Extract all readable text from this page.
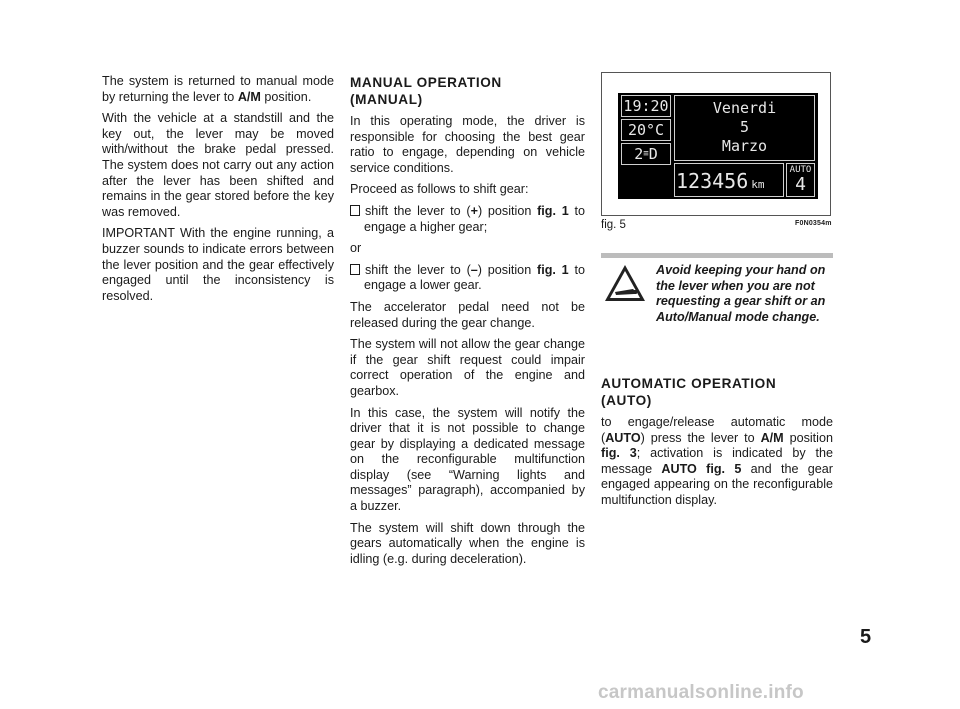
The system is returned to manual mode by returning the lever to A/M position.

With the vehicle at a standstill and the key out, the lever may be moved with/without the brake pedal pressed. The system does not carry out any action after the lever has been shifted and remains in the gear stored before the key was removed.

IMPORTANT With the engine running, a buzzer sounds to indicate errors between the lever position and the gear effectively engaged until the inconsistency is resolved.

MANUAL OPERATION
(MANUAL)

In this operating mode, the driver is responsible for choosing the best gear ratio to engage, depending on vehicle service conditions.

Proceed as follows to shift gear:

shift the lever to (+) position fig. 1 to engage a higher gear;

or

shift the lever to (–) position fig. 1 to engage a lower gear.

The accelerator pedal need not be released during the gear change.

The system will not allow the gear change if the gear shift request could impair correct operation of the engine and gearbox.

In this case, the system will notify the driver that it is not possible to change gear by displaying a dedicated message on the reconfigurable multifunction display (see “Warning lights and messages” paragraph), accompanied by a buzzer.

The system will shift down through the gears automatically when the engine is idling (e.g. during deceleration).

19:20
20°C
2≡D
Venerdi
5
Marzo
123456 km
AUTO
4
fig. 5	F0N0354m
Avoid keeping your hand on the lever when you are not requesting a gear shift or an Auto/Manual mode change.
AUTOMATIC OPERATION
(AUTO)

to engage/release automatic mode (AUTO) press the lever to A/M position fig. 3; activation is indicated by the message AUTO fig. 5 and the gear engaged appearing on the reconfigurable multifunction display.

5
carmanualsonline.info
